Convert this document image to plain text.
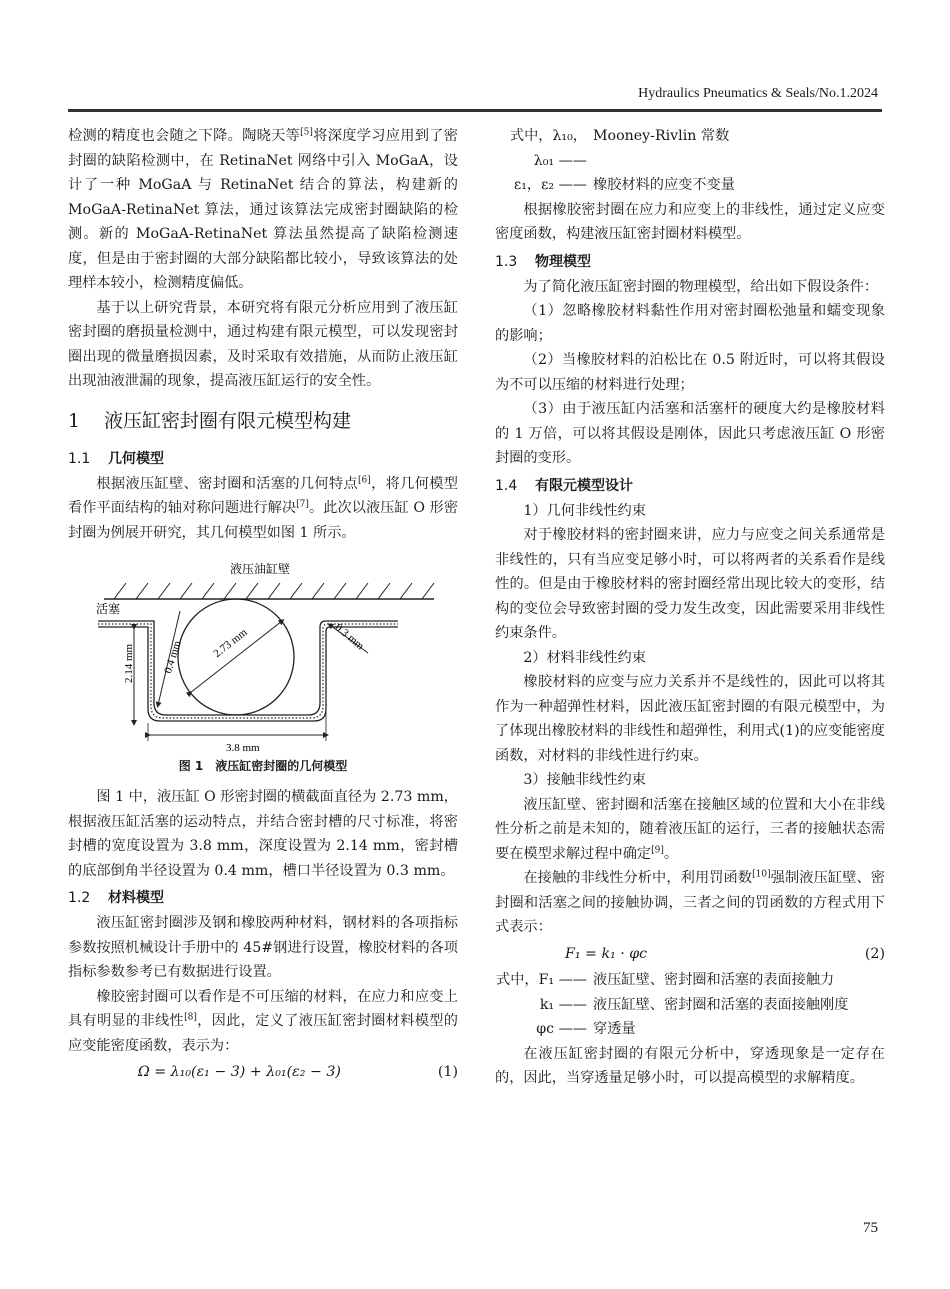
Hydraulics Pneumatics & Seals/No.1.2024

检测的精度也会随之下降。陶晓天等[5]将深度学习应用到了密封圈的缺陷检测中，在 RetinaNet 网络中引入 MoGaA，设计了一种 MoGaA 与 RetinaNet 结合的算法，构建新的 MoGaA-RetinaNet 算法，通过该算法完成密封圈缺陷的检测。新的 MoGaA-RetinaNet 算法虽然提高了缺陷检测速度，但是由于密封圈的大部分缺陷都比较小，导致该算法的处理样本较小，检测精度偏低。

基于以上研究背景，本研究将有限元分析应用到了液压缸密封圈的磨损量检测中，通过构建有限元模型，可以发现密封圈出现的微量磨损因素，及时采取有效措施，从而防止液压缸出现油液泄漏的现象，提高液压缸运行的安全性。

1 液压缸密封圈有限元模型构建
1.1 几何模型

根据液压缸壁、密封圈和活塞的几何特点[6]，将几何模型看作平面结构的轴对称问题进行解决[7]。此次以液压缸 O 形密封圈为例展开研究，其几何模型如图 1 所示。

液压油缸壁
活塞
2.73 mm
0.4 mm
0.3 mm
2.14 mm
3.8 mm
图 1　液压缸密封圈的几何模型

图 1 中，液压缸 O 形密封圈的横截面直径为 2.73 mm，根据液压缸活塞的运动特点，并结合密封槽的尺寸标准，将密封槽的宽度设置为 3.8 mm，深度设置为 2.14 mm，密封槽的底部倒角半径设置为 0.4 mm，槽口半径设置为 0.3 mm。

1.2 材料模型

液压缸密封圈涉及钢和橡胶两种材料，钢材料的各项指标参数按照机械设计手册中的 45#钢进行设置，橡胶材料的各项指标参数参考已有数据进行设置。

橡胶密封圈可以看作是不可压缩的材料，在应力和应变上具有明显的非线性[8]，因此，定义了液压缸密封圈材料模型的应变能密度函数，表示为：

Ω = λ₁₀(ε₁ − 3) + λ₀₁(ε₂ − 3)	(1)
式中，λ₁₀，λ₀₁ ——
Mooney-Rivlin 常数
ε₁，ε₂ —— 橡胶材料的应变不变量

根据橡胶密封圈在应力和应变上的非线性，通过定义应变密度函数，构建液压缸密封圈材料模型。

1.3 物理模型

为了简化液压缸密封圈的物理模型，给出如下假设条件：

（1）忽略橡胶材料黏性作用对密封圈松弛量和蠕变现象的影响；

（2）当橡胶材料的泊松比在 0.5 附近时，可以将其假设为不可以压缩的材料进行处理；

（3）由于液压缸内活塞和活塞杆的硬度大约是橡胶材料的 1 万倍，可以将其假设是刚体，因此只考虑液压缸 O 形密封圈的变形。

1.4 有限元模型设计

1）几何非线性约束

对于橡胶材料的密封圈来讲，应力与应变之间关系通常是非线性的，只有当应变足够小时，可以将两者的关系看作是线性的。但是由于橡胶材料的密封圈经常出现比较大的变形，结构的变位会导致密封圈的受力发生改变，因此需要采用非线性约束条件。

2）材料非线性约束

橡胶材料的应变与应力关系并不是线性的，因此可以将其作为一种超弹性材料，因此液压缸密封圈的有限元模型中，为了体现出橡胶材料的非线性和超弹性，利用式(1)的应变能密度函数，对材料的非线性进行约束。

3）接触非线性约束

液压缸壁、密封圈和活塞在接触区域的位置和大小在非线性分析之前是未知的，随着液压缸的运行，三者的接触状态需要在模型求解过程中确定[9]。

在接触的非线性分析中，利用罚函数[10]强制液压缸壁、密封圈和活塞之间的接触协调，三者之间的罚函数的方程式用下式表示：

F₁ = k₁ · φc	(2)
式中，F₁ —— 液压缸壁、密封圈和活塞的表面接触力
k₁ —— 液压缸壁、密封圈和活塞的表面接触刚度
φc —— 穿透量

在液压缸密封圈的有限元分析中，穿透现象是一定存在的，因此，当穿透量足够小时，可以提高模型的求解精度。

75
